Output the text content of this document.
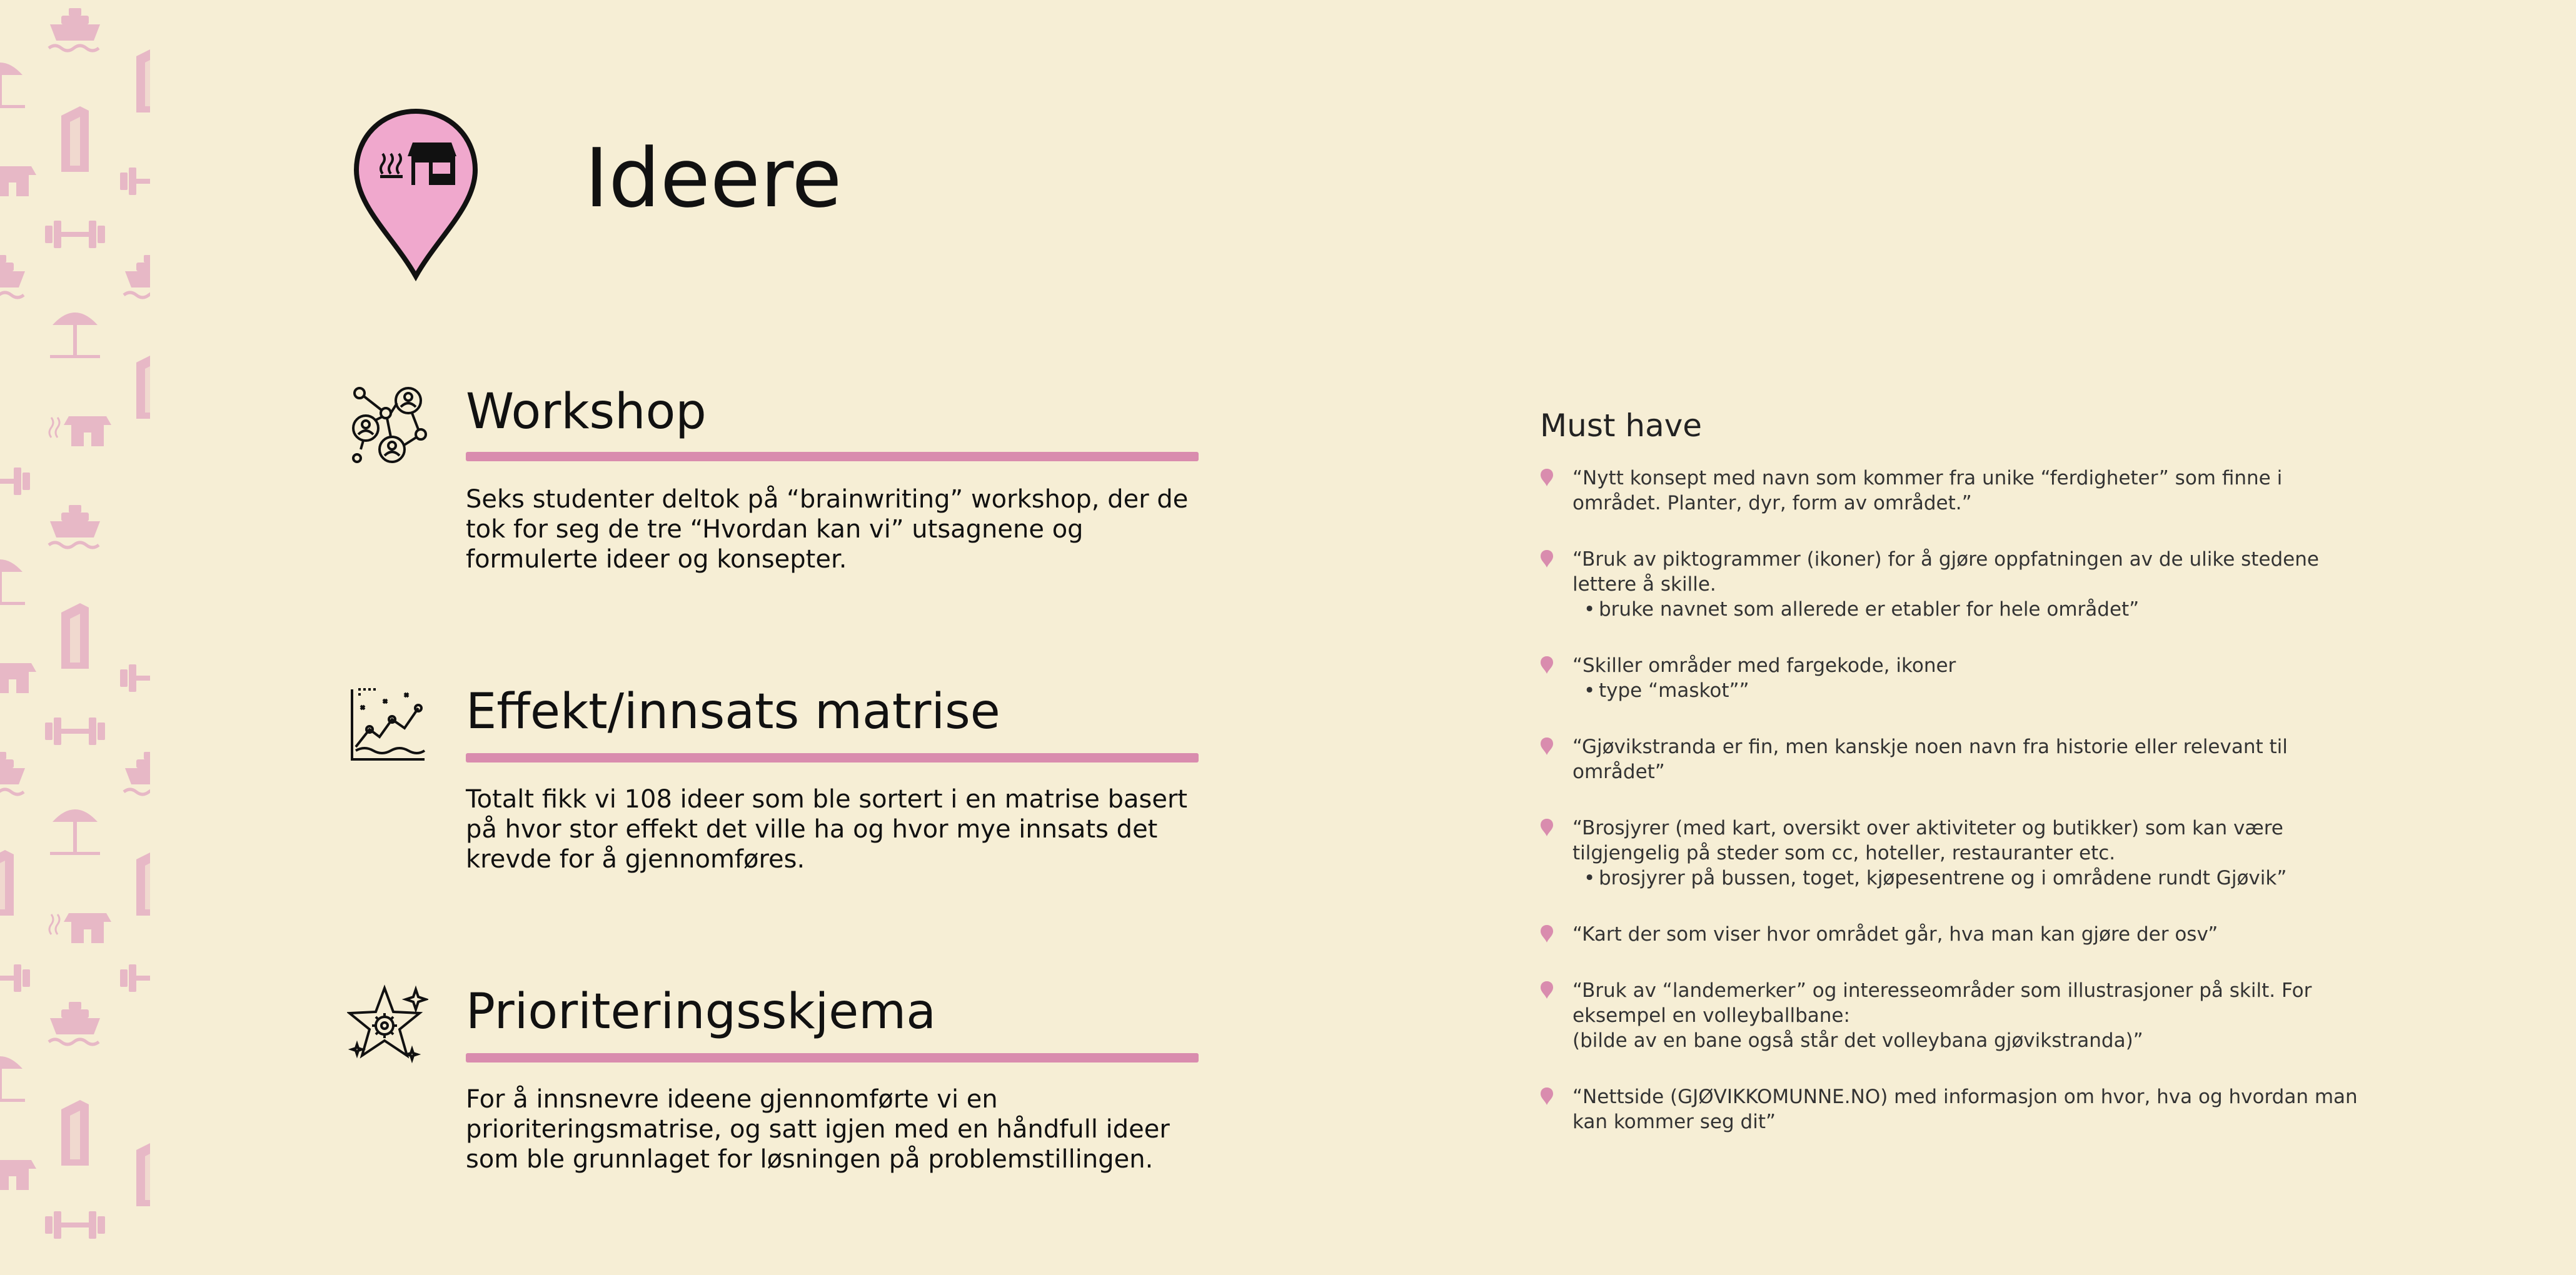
Ideere
Workshop

Seks studenter deltok på “brainwriting” workshop, der de tok for seg de tre “Hvordan kan vi” utsagnene og formulerte ideer og konsepter.

Effekt/innsats matrise

Totalt fikk vi 108 ideer som ble sortert i en matrise basert på hvor stor effekt det ville ha og hvor mye innsats det krevde for å gjennomføres.

Prioriteringsskjema

For å innsnevre ideene gjennomførte vi en prioriteringsmatrise, og satt igjen med en håndfull ideer som ble grunnlaget for løsningen på problemstillingen.

Must have
“Nytt konsept med navn som kommer fra unike “ferdigheter” som finne i området. Planter, dyr, form av området.”
“Bruk av piktogrammer (ikoner) for å gjøre oppfatningen av de ulike stedene lettere å skille.
• bruke navnet som allerede er etabler for hele området”
“Skiller områder med fargekode, ikoner
• type “maskot””
“Gjøvikstranda er fin, men kanskje noen navn fra historie eller relevant til området”
“Brosjyrer (med kart, oversikt over aktiviteter og butikker) som kan være tilgjengelig på steder som cc, hoteller, restauranter etc.
• brosjyrer på bussen, toget, kjøpesentrene og i områdene rundt Gjøvik”
“Kart der som viser hvor området går, hva man kan gjøre der osv”
“Bruk av “landemerker” og interesseområder som illustrasjoner på skilt. For eksempel en volleyballbane:
(bilde av en bane også står det volleybana gjøvikstranda)”
“Nettside (GJØVIKKOMUNNE.NO) med informasjon om hvor, hva og hvordan man kan kommer seg dit”
